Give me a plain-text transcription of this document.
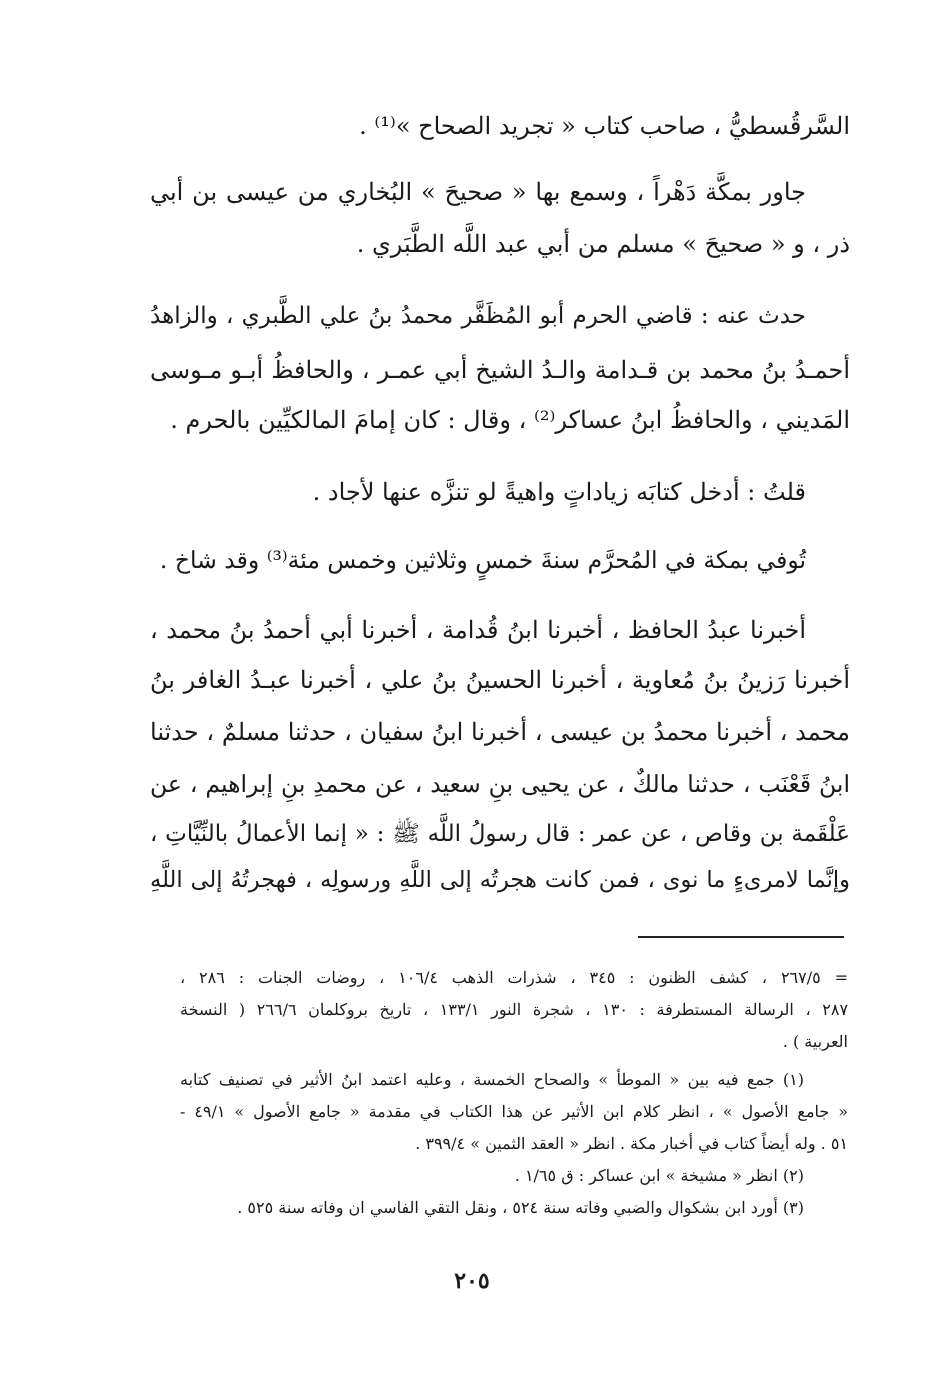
السَّرقُسطيُّ ، صاحب كتاب « تجريد الصحاح »⁽¹⁾ .
جاور بمكَّة دَهْراً ، وسمع بها « صحيحَ » البُخاري من عيسى بن أبي
ذر ، و « صحيحَ » مسلم من أبي عبد اللَّه الطَّبَري .
حدث عنه : قاضي الحرم أبو المُظَفَّر محمدُ بنُ علي الطَّبري ، والزاهدُ
أحمـدُ بنُ محمد بن قـدامة والـدُ الشيخ أبي عمـر ، والحافظُ أبـو مـوسى
المَديني ، والحافظُ ابنُ عساكر⁽²⁾ ، وقال : كان إمامَ المالكيِّين بالحرم .
قلتُ : أدخل كتابَه زياداتٍ واهيةً لو تنزَّه عنها لأجاد .
تُوفي بمكة في المُحرَّم سنةَ خمسٍ وثلاثين وخمس مئة⁽³⁾ وقد شاخ .
أخبرنا عبدُ الحافظ ، أخبرنا ابنُ قُدامة ، أخبرنا أبي أحمدُ بنُ محمد ،
أخبرنا رَزينُ بنُ مُعاوية ، أخبرنا الحسينُ بنُ علي ، أخبرنا عبـدُ الغافر بنُ
محمد ، أخبرنا محمدُ بن عيسى ، أخبرنا ابنُ سفيان ، حدثنا مسلمٌ ، حدثنا
ابنُ قَعْنَب ، حدثنا مالكٌ ، عن يحيى بنِ سعيد ، عن محمدِ بنِ إبراهيم ، عن
عَلْقَمة بن وقاص ، عن عمر : قال رسولُ اللَّه ﷺ : « إنما الأعمالُ بالنِّيَّاتِ ،
وإنَّما لامرىءٍ ما نوى ، فمن كانت هجرتُه إلى اللَّهِ ورسولِه ، فهجرتُهُ إلى اللَّهِ
= ٢٦٧/٥ ، كشف الظنون : ٣٤٥ ، شذرات الذهب ١٠٦/٤ ، روضات الجنات : ٢٨٦ ،
٢٨٧ ، الرسالة المستطرفة : ١٣٠ ، شجرة النور ١٣٣/١ ، تاريخ بروكلمان ٢٦٦/٦ ( النسخة
العربية ) .
(١) جمع فيه بين « الموطأ » والصحاح الخمسة ، وعليه اعتمد ابنُ الأثير في تصنيف كتابه
« جامع الأصول » ، انظر كلام ابن الأثير عن هذا الكتاب في مقدمة « جامع الأصول » ٤٩/١ -
٥١ . وله أيضاً كتاب في أخبار مكة . انظر « العقد الثمين » ٣٩٩/٤ .
(٢) انظر « مشيخة » ابن عساكر : ق ١/٦٥ .
(٣) أورد ابن بشكوال والضبي وفاته سنة ٥٢٤ ، ونقل التقي الفاسي ان وفاته سنة ٥٢٥ .
٢٠٥
